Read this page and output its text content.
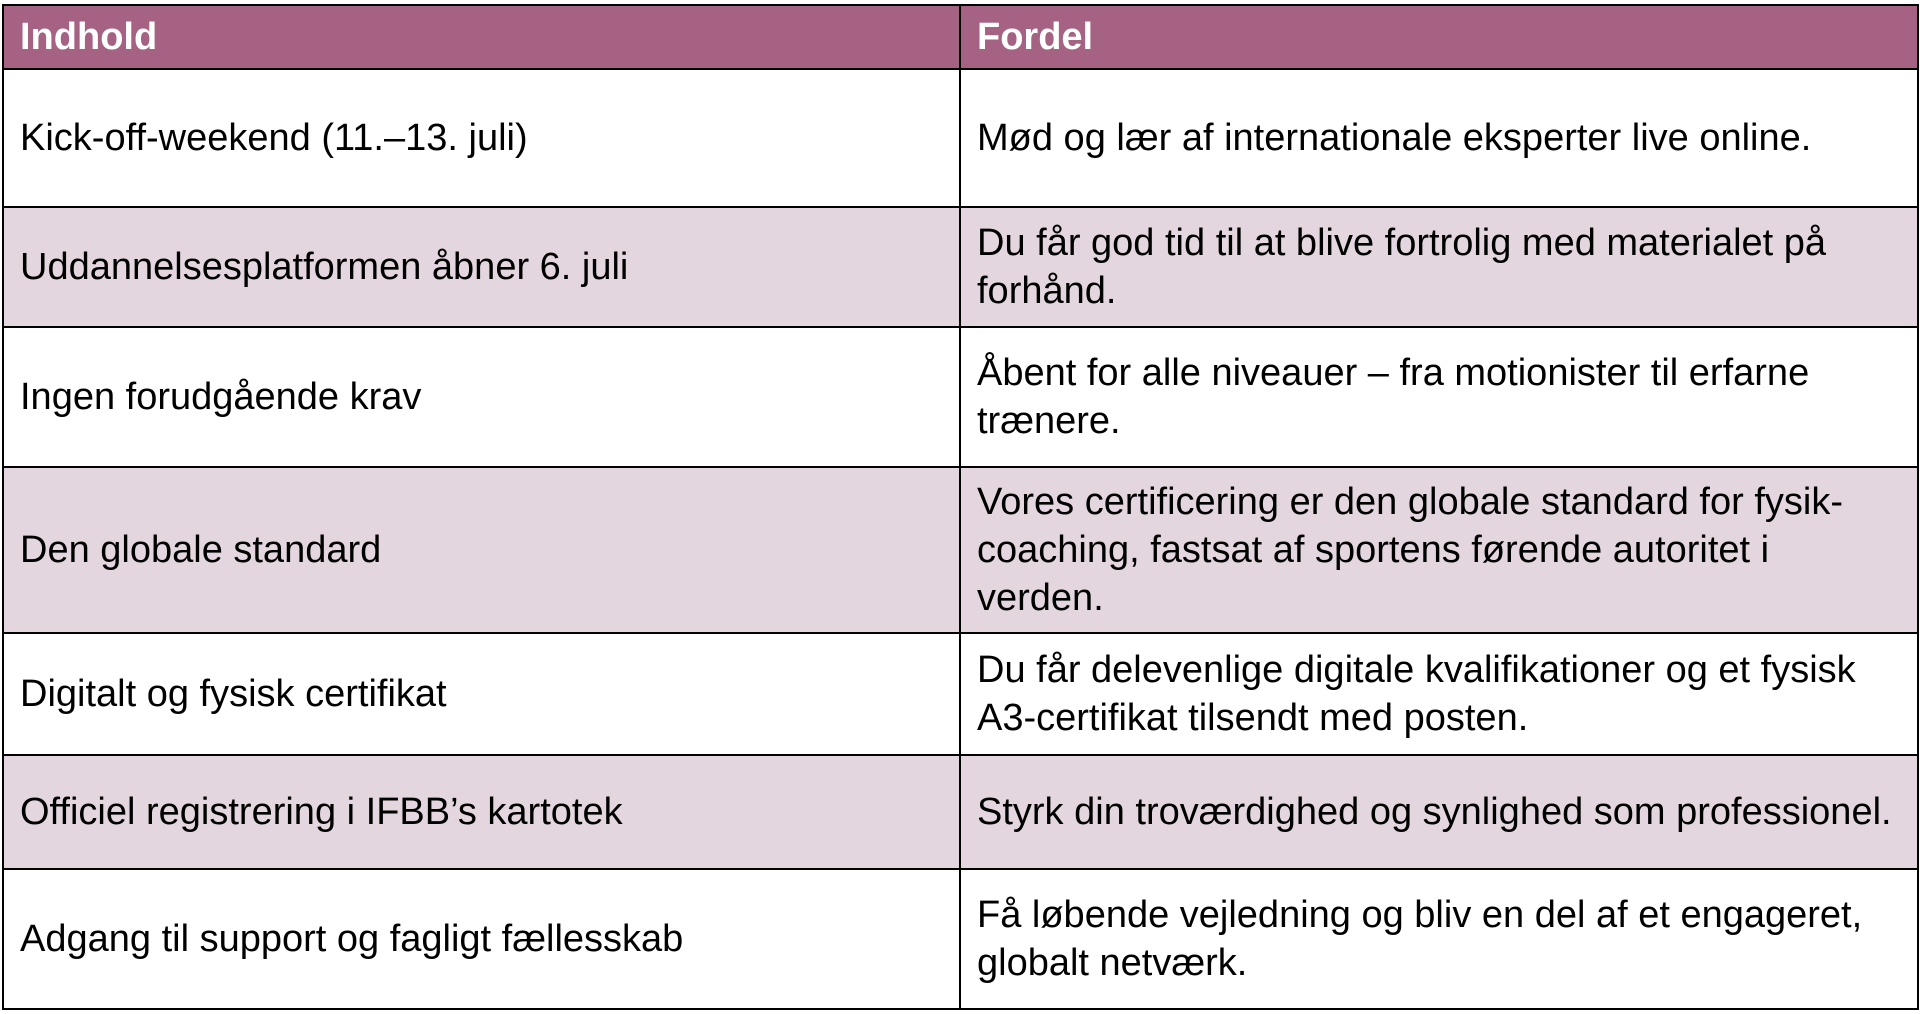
Indhold	Fordel
Kick-off-weekend (11.–13. juli)	Mød og lær af internationale eksperter live online.
Uddannelsesplatformen åbner 6. juli	Du får god tid til at blive fortrolig med materialet på forhånd.
Ingen forudgående krav	Åbent for alle niveauer – fra motionister til erfarne trænere.
Den globale standard	Vores certificering er den globale standard for fysik-coaching, fastsat af sportens førende autoritet i verden.
Digitalt og fysisk certifikat	Du får delevenlige digitale kvalifikationer og et fysisk A3-certifikat tilsendt med posten.
Officiel registrering i IFBB’s kartotek	Styrk din troværdighed og synlighed som professionel.
Adgang til support og fagligt fællesskab	Få løbende vejledning og bliv en del af et engageret, globalt netværk.
